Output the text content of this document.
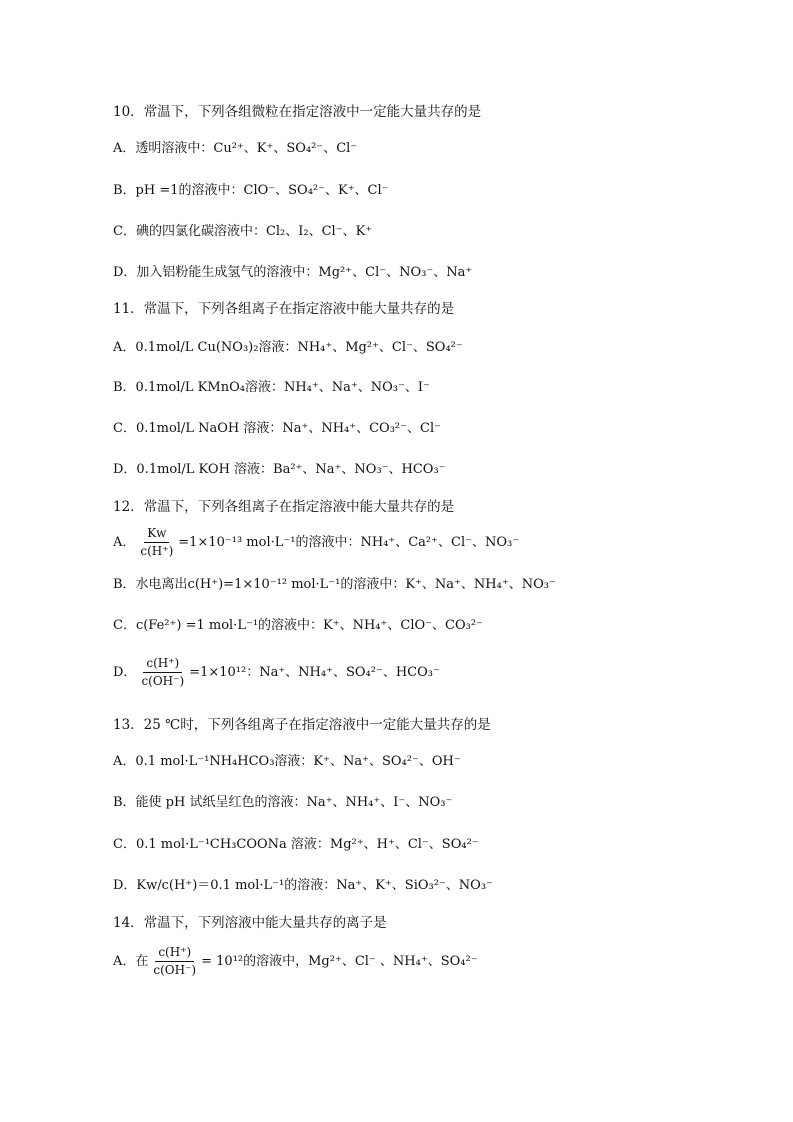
10．常温下，下列各组微粒在指定溶液中一定能大量共存的是
A．透明溶液中：Cu²⁺、K⁺、SO₄²⁻、Cl⁻
B．pH =1的溶液中：ClO⁻、SO₄²⁻、K⁺、Cl⁻
C．碘的四氯化碳溶液中：Cl₂、I₂、Cl⁻、K⁺
D．加入铝粉能生成氢气的溶液中：Mg²⁺、Cl⁻、NO₃⁻、Na⁺
11．常温下，下列各组离子在指定溶液中能大量共存的是
A．0.1mol/L Cu(NO₃)₂溶液：NH₄⁺、Mg²⁺、Cl⁻、SO₄²⁻
B．0.1mol/L KMnO₄溶液：NH₄⁺、Na⁺、NO₃⁻、I⁻
C．0.1mol/L NaOH 溶液：Na⁺、NH₄⁺、CO₃²⁻、Cl⁻
D．0.1mol/L KOH 溶液：Ba²⁺、Na⁺、NO₃⁻、HCO₃⁻
12．常温下，下列各组离子在指定溶液中能大量共存的是
A． $\frac{Kw}{c(H^+)} =1\times 10^{-13}$ mol·L⁻¹的溶液中：NH₄⁺、Ca²⁺、Cl⁻、NO₃⁻
B．水电离出c(H⁺)=1×10⁻¹² mol·L⁻¹的溶液中：K⁺、Na⁺、NH₄⁺、NO₃⁻
C．c(Fe²⁺) =1 mol·L⁻¹的溶液中：K⁺、NH₄⁺、ClO⁻、CO₃²⁻
D． $\frac{c(H^+)}{c(OH^-)} =1\times 10^{12}$：Na⁺、NH₄⁺、SO₄²⁻、HCO₃⁻
13．25 ℃时，下列各组离子在指定溶液中一定能大量共存的是
A．0.1 mol·L⁻¹NH₄HCO₃溶液：K⁺、Na⁺、SO₄²⁻、OH⁻
B．能使 pH 试纸呈红色的溶液：Na⁺、NH₄⁺、I⁻、NO₃⁻
C．0.1 mol·L⁻¹CH₃COONa 溶液：Mg²⁺、H⁺、Cl⁻、SO₄²⁻
D．Kw/c(H⁺)＝0.1 mol·L⁻¹的溶液：Na⁺、K⁺、SiO₃²⁻、NO₃⁻
14．常温下，下列溶液中能大量共存的离子是
A．在 $\frac{c(H^+)}{c(OH^-)} = 10^{12}$的溶液中，Mg²⁺、Cl⁻ 、NH₄⁺、SO₄²⁻
